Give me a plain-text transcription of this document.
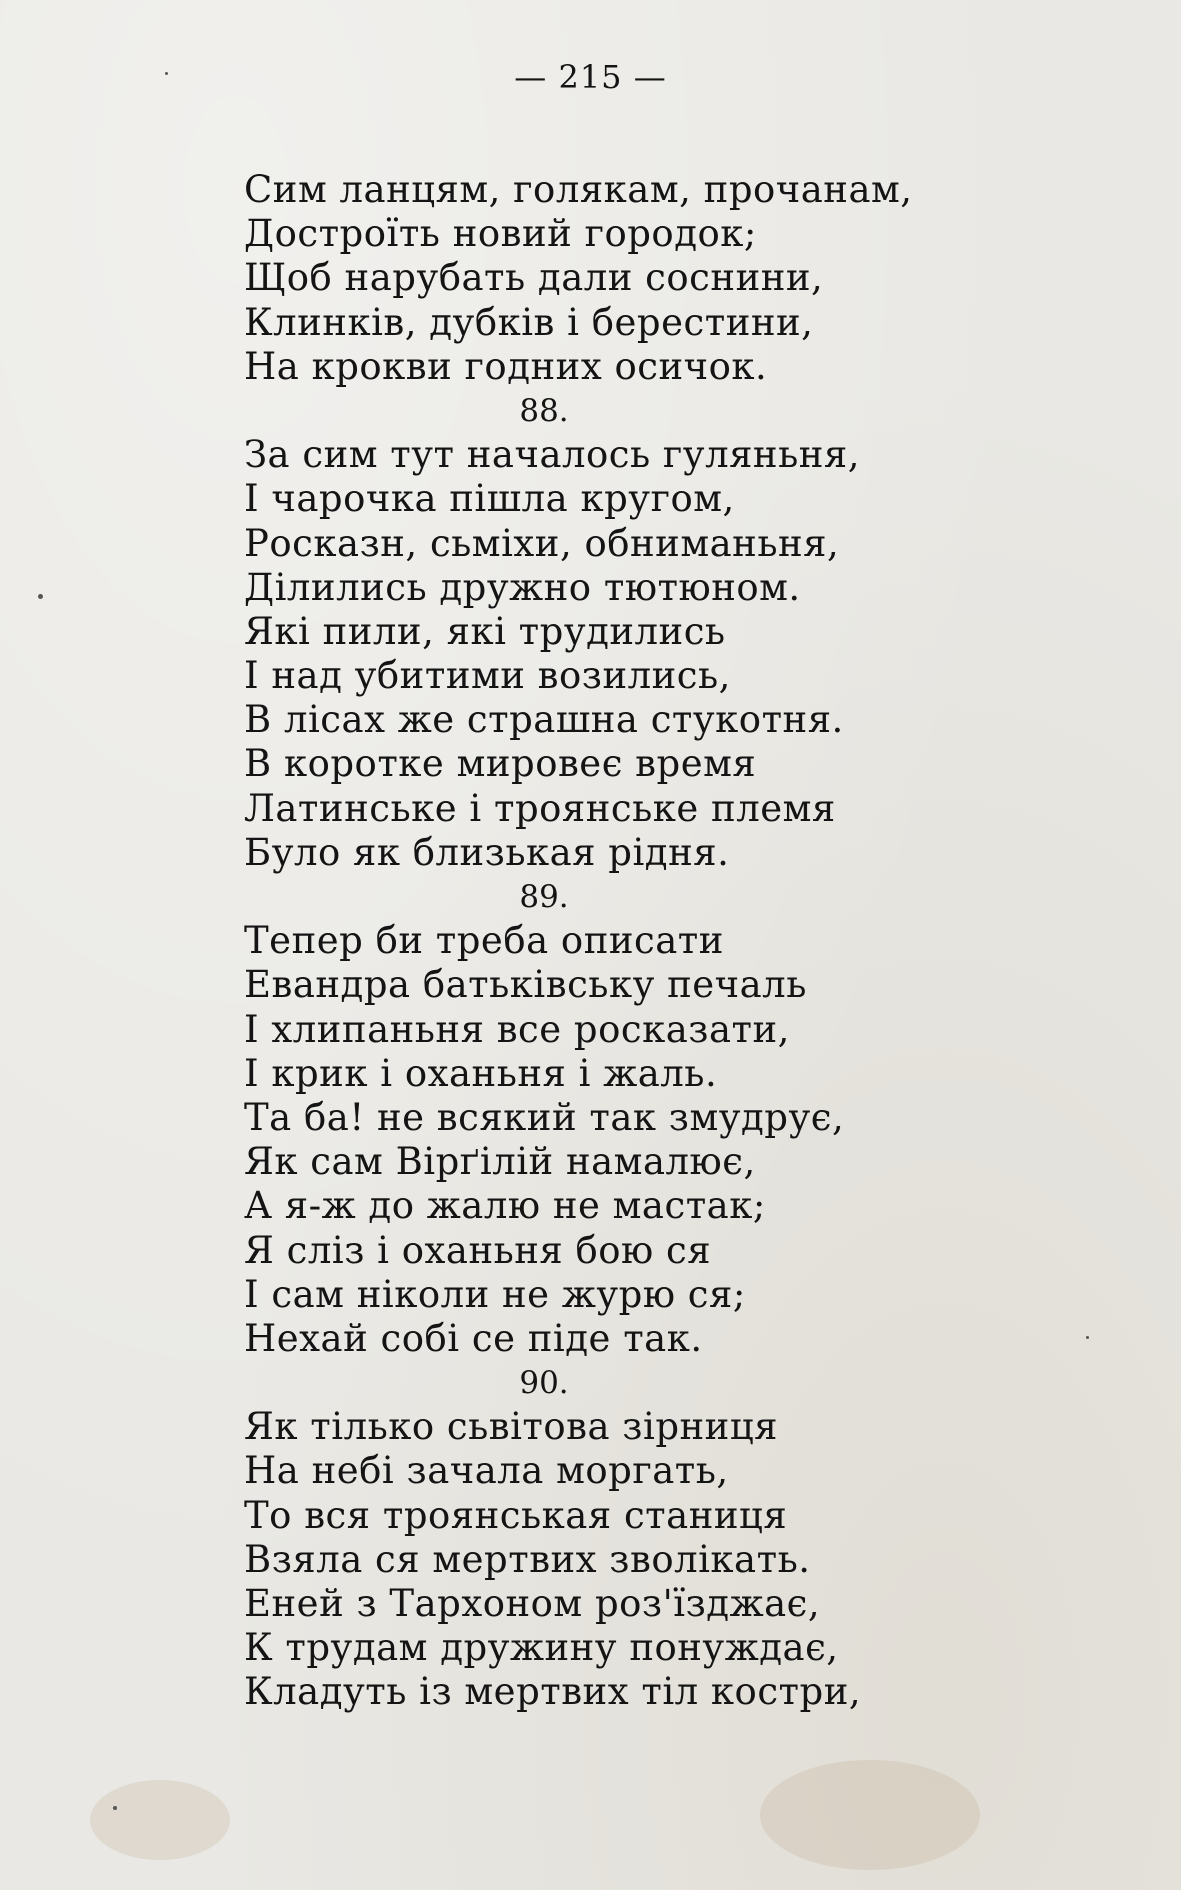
— 215 —
Сим ланцям, голякам, прочанам,
Достроїть новий городок;
Щоб нарубать дали соснини,
Клинків, дубків і берестини,
На крокви годних осичок.
88.
За сим тут началось гуляньня,
І чарочка пішла кругом,
Росказн, сьміхи, обниманьня,
Ділились дружно тютюном.
Які пили, які трудились
І над убитими возились,
В лісах же страшна стукотня.
В коротке мировеє время
Латинське і троянське племя
Було як близькая рідня.
89.
Тепер би треба описати
Евандра батьківську печаль
І хлипаньня все росказати,
І крик і оханьня і жаль.
Та ба! не всякий так змудрує,
Як сам Вірґілій намалює,
А я-ж до жалю не мастак;
Я сліз і оханьня бою ся
І сам ніколи не журю ся;
Нехай собі се піде так.
90.
Як тілько сьвітова зірниця
На небі зачала моргать,
То вся троянськая станиця
Взяла ся мертвих зволікать.
Еней з Тархоном роз'їзджає,
К трудам дружину понуждає,
Кладуть із мертвих тіл костри,
